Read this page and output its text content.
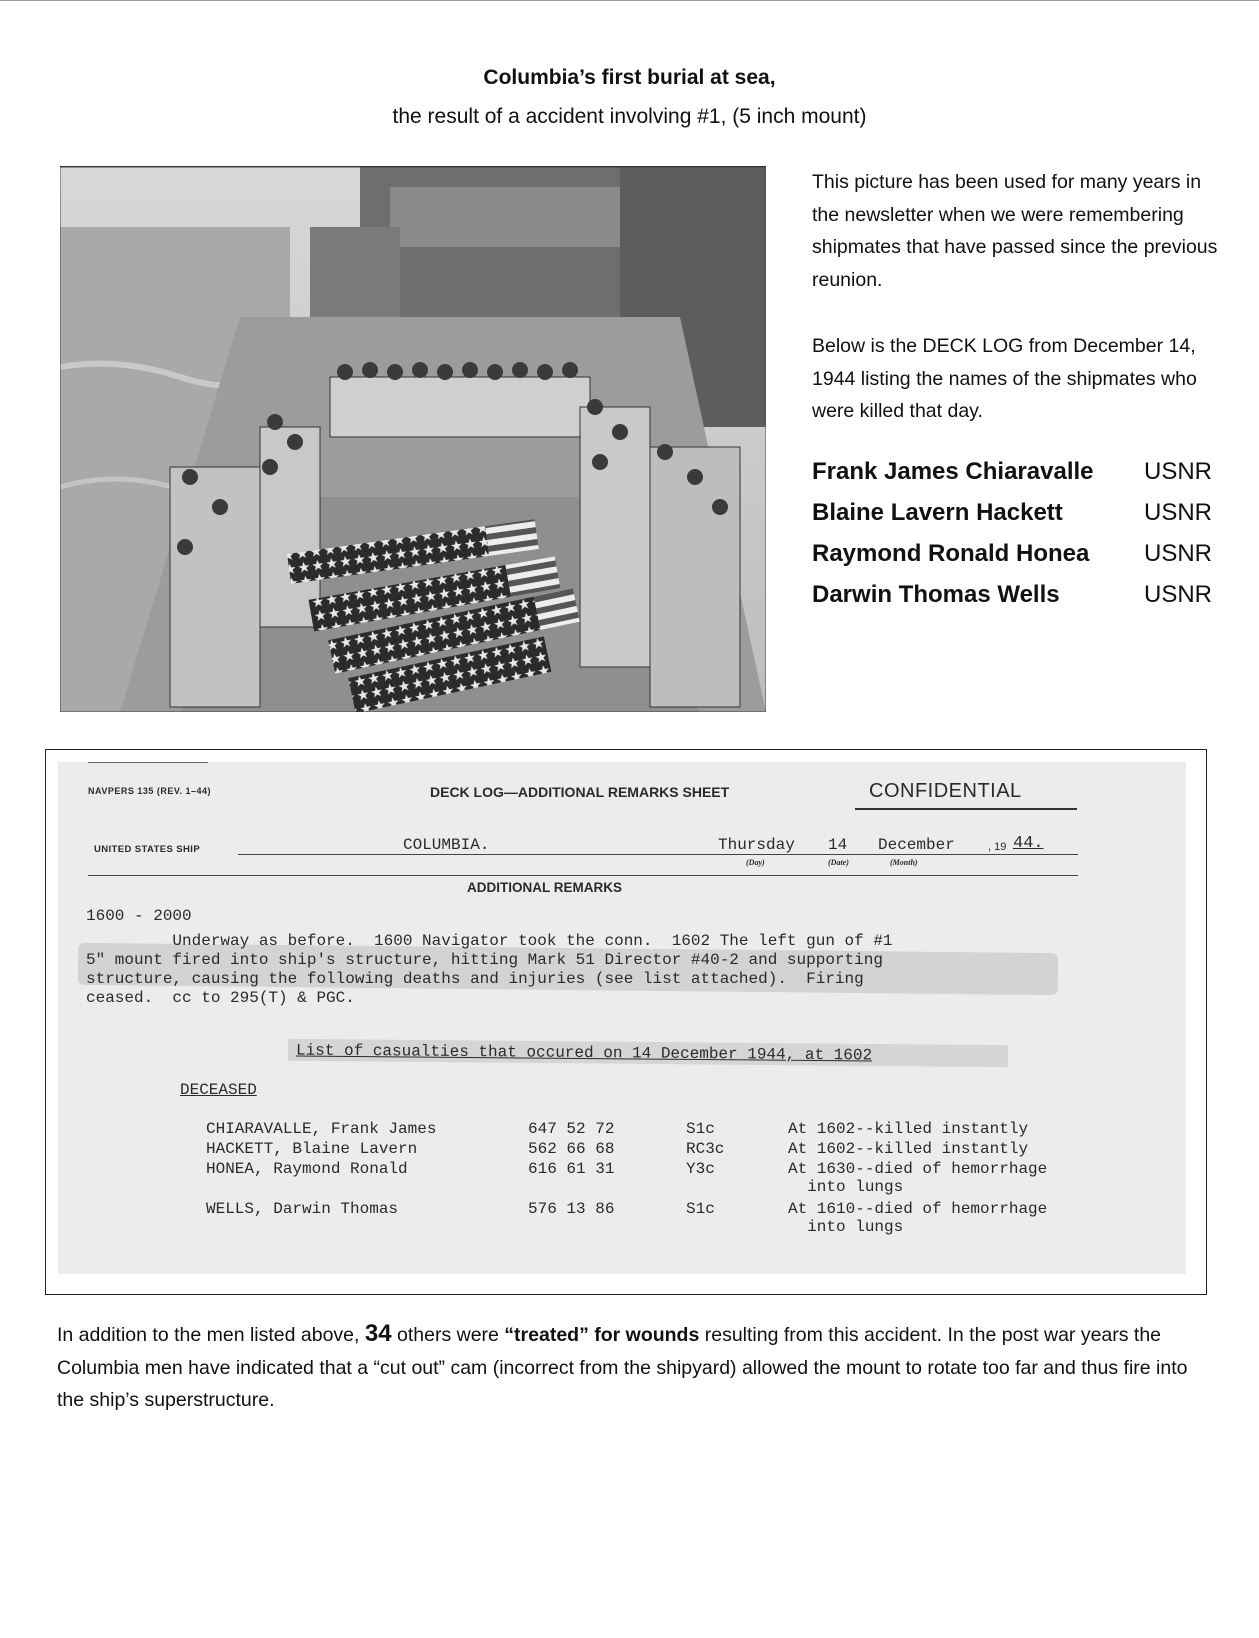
Columbia’s first burial at sea,
the result of a accident involving #1, (5 inch mount)
This picture has been used for many years in the newsletter when we were remembering shipmates that have passed since the previous reunion.
Below is the DECK LOG from December 14, 1944 listing the names of the shipmates who were killed that day.
Frank James Chiaravalle USNR
Blaine Lavern Hackett	USNR
Raymond Ronald Honea USNR
Darwin Thomas Wells	USNR
NAVPERS 135 (REV. 1–44)	DECK LOG—ADDITIONAL REMARKS SHEET	CONFIDENTIAL
UNITED STATES SHIP	COLUMBIA.	Thursday 14 December	, 19 44.
(Day)	(Date)	(Month)
ADDITIONAL REMARKS
1600 - 2000
Underway as before.  1600 Navigator took the conn.  1602 The left gun of #1
5" mount fired into ship's structure, hitting Mark 51 Director #40-2 and supporting
structure, causing the following deaths and injuries (see list attached).  Firing
ceased.  cc to 295(T) & PGC.
List of casualties that occured on 14 December 1944, at 1602
DECEASED
CHIARAVALLE, Frank James	647 52 72	S1c	At 1602--killed instantly
HACKETT, Blaine Lavern	562 66 68	RC3c	At 1602--killed instantly
HONEA, Raymond Ronald	616 61 31	Y3c	At 1630--died of hemorrhage
into lungs
WELLS, Darwin Thomas	576 13 86	S1c	At 1610--died of hemorrhage
into lungs
In addition to the men listed above, 34 others were “treated” for wounds resulting from this accident. In the post war years the Columbia men have indicated that a “cut out” cam (incorrect from the shipyard) allowed the mount to rotate too far and thus fire into the ship’s superstructure.
